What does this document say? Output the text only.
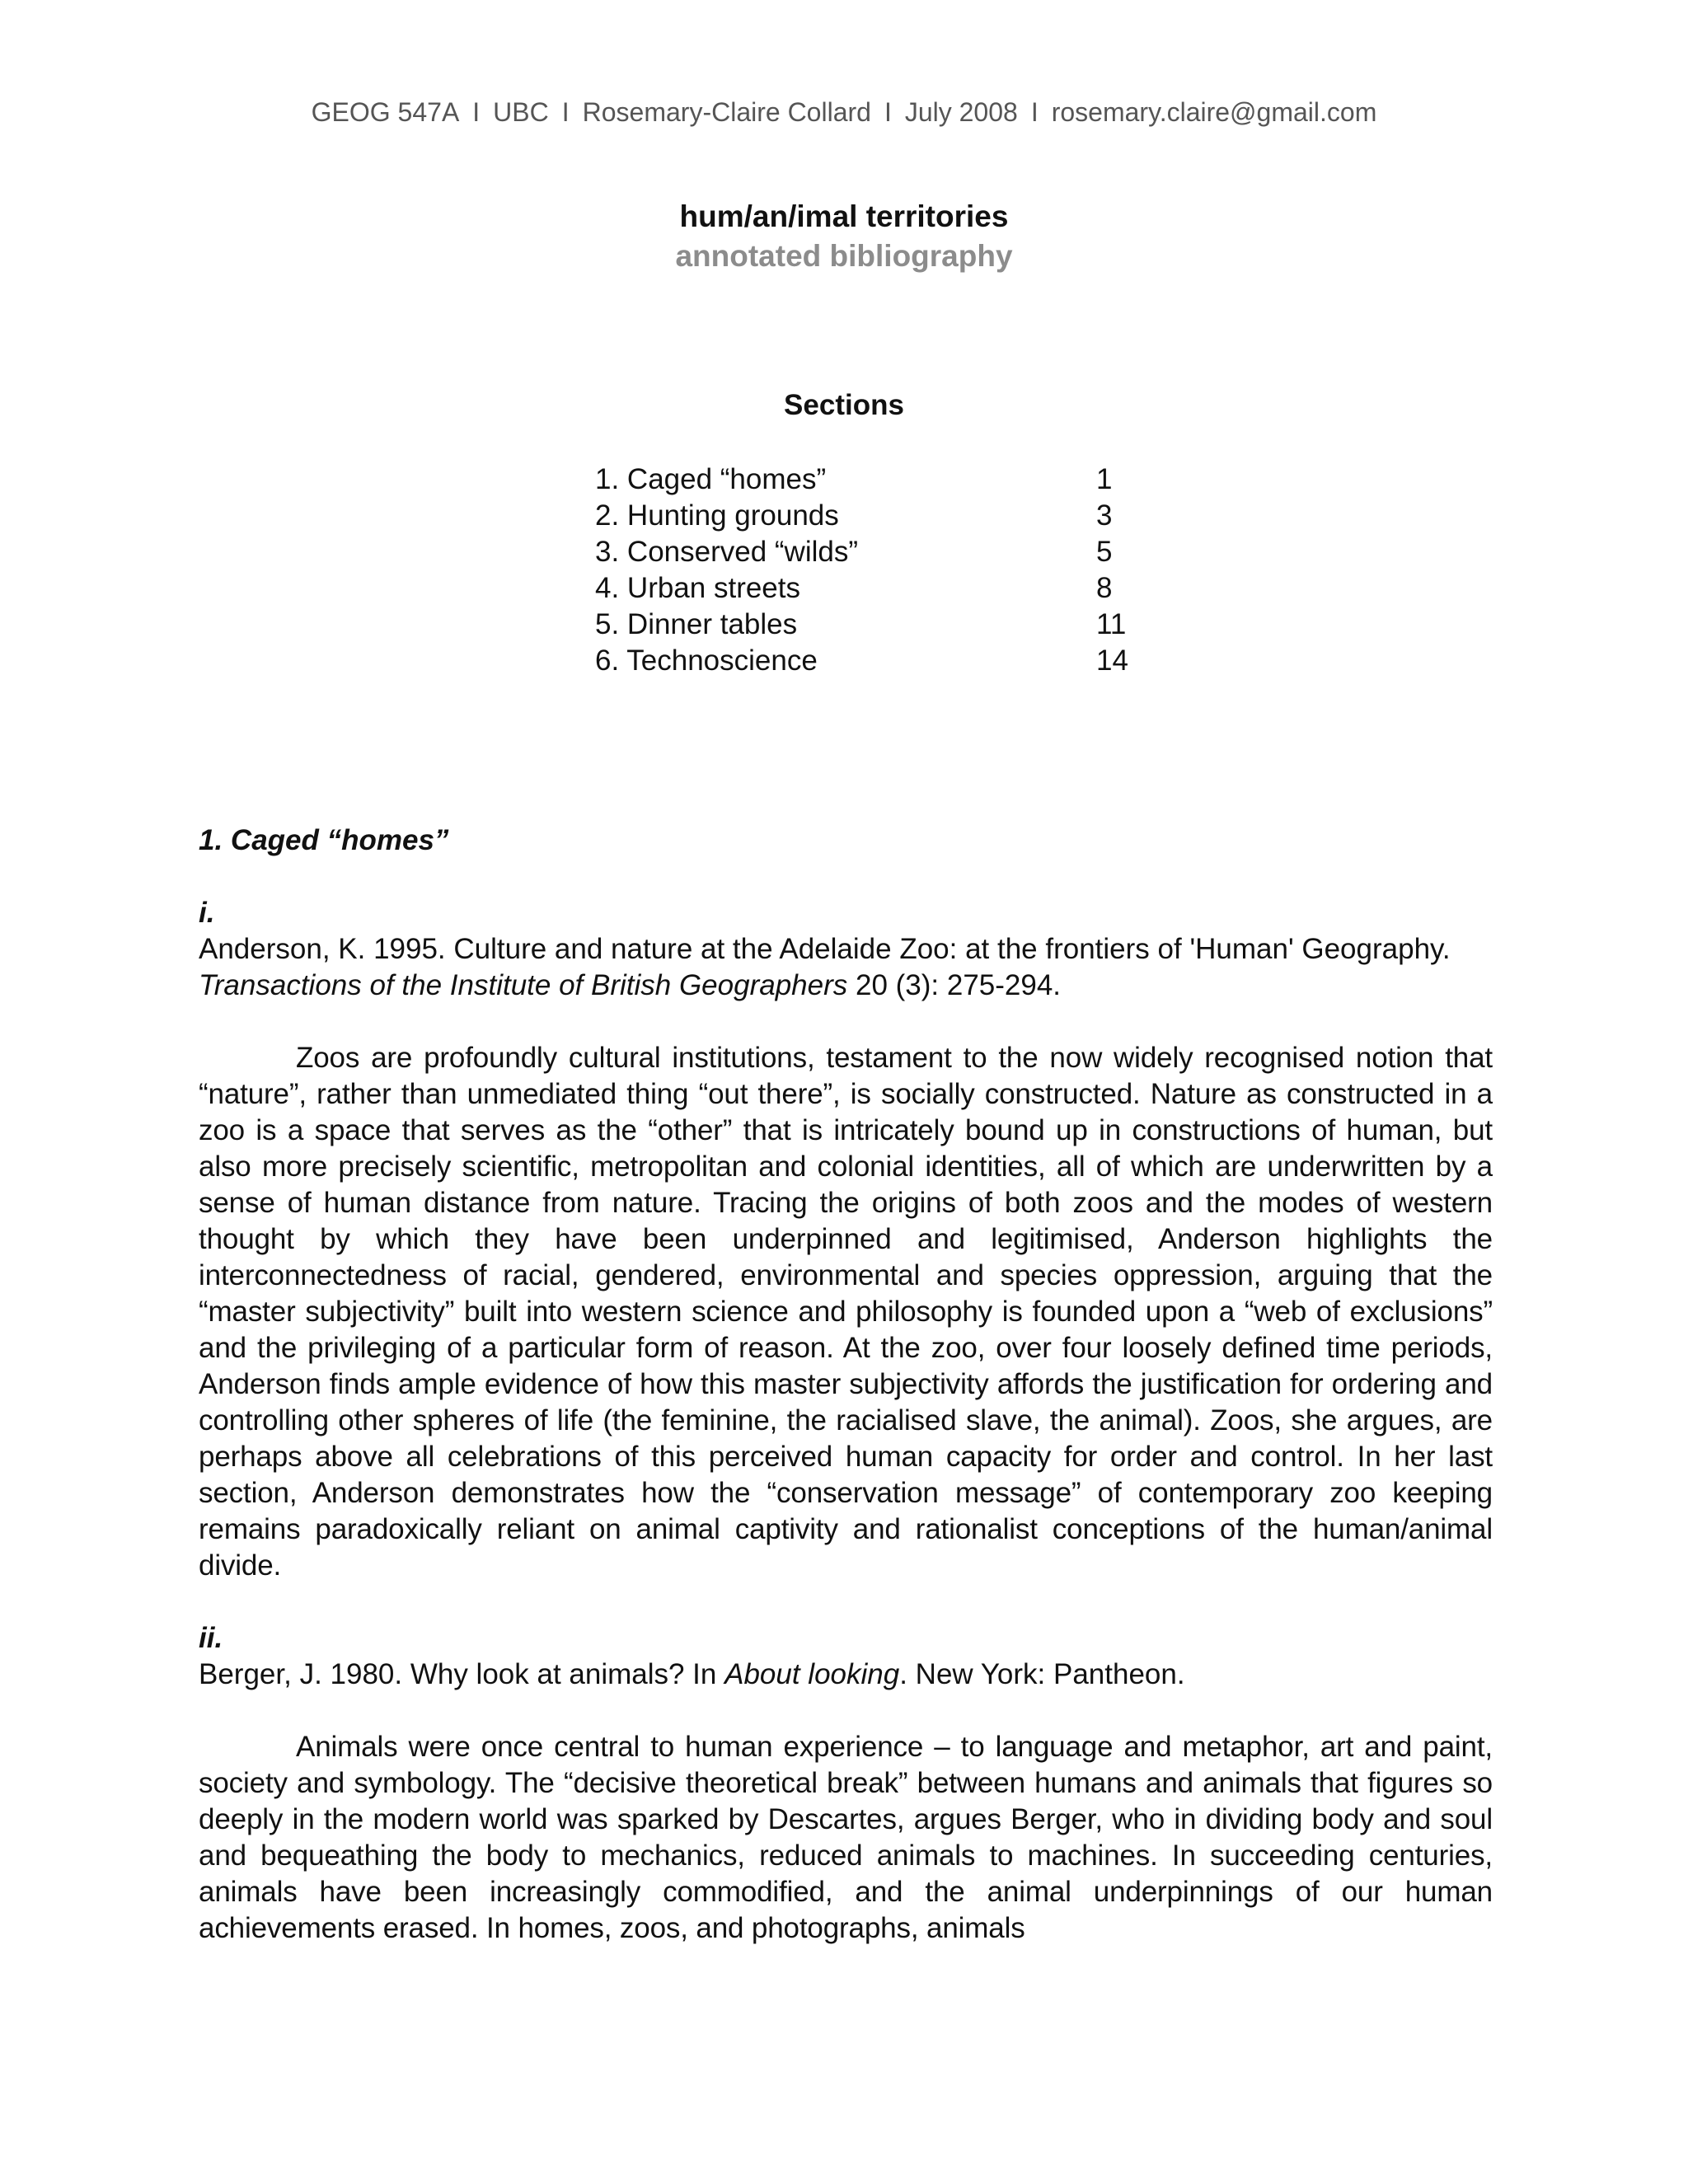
GEOG 547A I UBC I Rosemary-Claire Collard I July 2008 I rosemary.claire@gmail.com
hum/an/imal territories
annotated bibliography
Sections
1. Caged “homes”	1
2. Hunting grounds	3
3. Conserved “wilds”	5
4. Urban streets	8
5. Dinner tables	11
6. Technoscience	14
1. Caged “homes”
i.

Anderson, K. 1995. Culture and nature at the Adelaide Zoo: at the frontiers of 'Human' Geography. Transactions of the Institute of British Geographers 20 (3): 275-294.

Zoos are profoundly cultural institutions, testament to the now widely recognised notion that “nature”, rather than unmediated thing “out there”, is socially constructed. Nature as constructed in a zoo is a space that serves as the “other” that is intricately bound up in constructions of human, but also more precisely scientific, metropolitan and colonial identities, all of which are underwritten by a sense of human distance from nature. Tracing the origins of both zoos and the modes of western thought by which they have been underpinned and legitimised, Anderson highlights the interconnectedness of racial, gendered, environmental and species oppression, arguing that the “master subjectivity” built into western science and philosophy is founded upon a “web of exclusions” and the privileging of a particular form of reason. At the zoo, over four loosely defined time periods, Anderson finds ample evidence of how this master subjectivity affords the justification for ordering and controlling other spheres of life (the feminine, the racialised slave, the animal). Zoos, she argues, are perhaps above all celebrations of this perceived human capacity for order and control. In her last section, Anderson demonstrates how the “conservation message” of contemporary zoo keeping remains paradoxically reliant on animal captivity and rationalist conceptions of the human/animal divide.

ii.

Berger, J. 1980. Why look at animals? In About looking. New York: Pantheon.

Animals were once central to human experience – to language and metaphor, art and paint, society and symbology. The “decisive theoretical break” between humans and animals that figures so deeply in the modern world was sparked by Descartes, argues Berger, who in dividing body and soul and bequeathing the body to mechanics, reduced animals to machines. In succeeding centuries, animals have been increasingly commodified, and the animal underpinnings of our human achievements erased. In homes, zoos, and photographs, animals
